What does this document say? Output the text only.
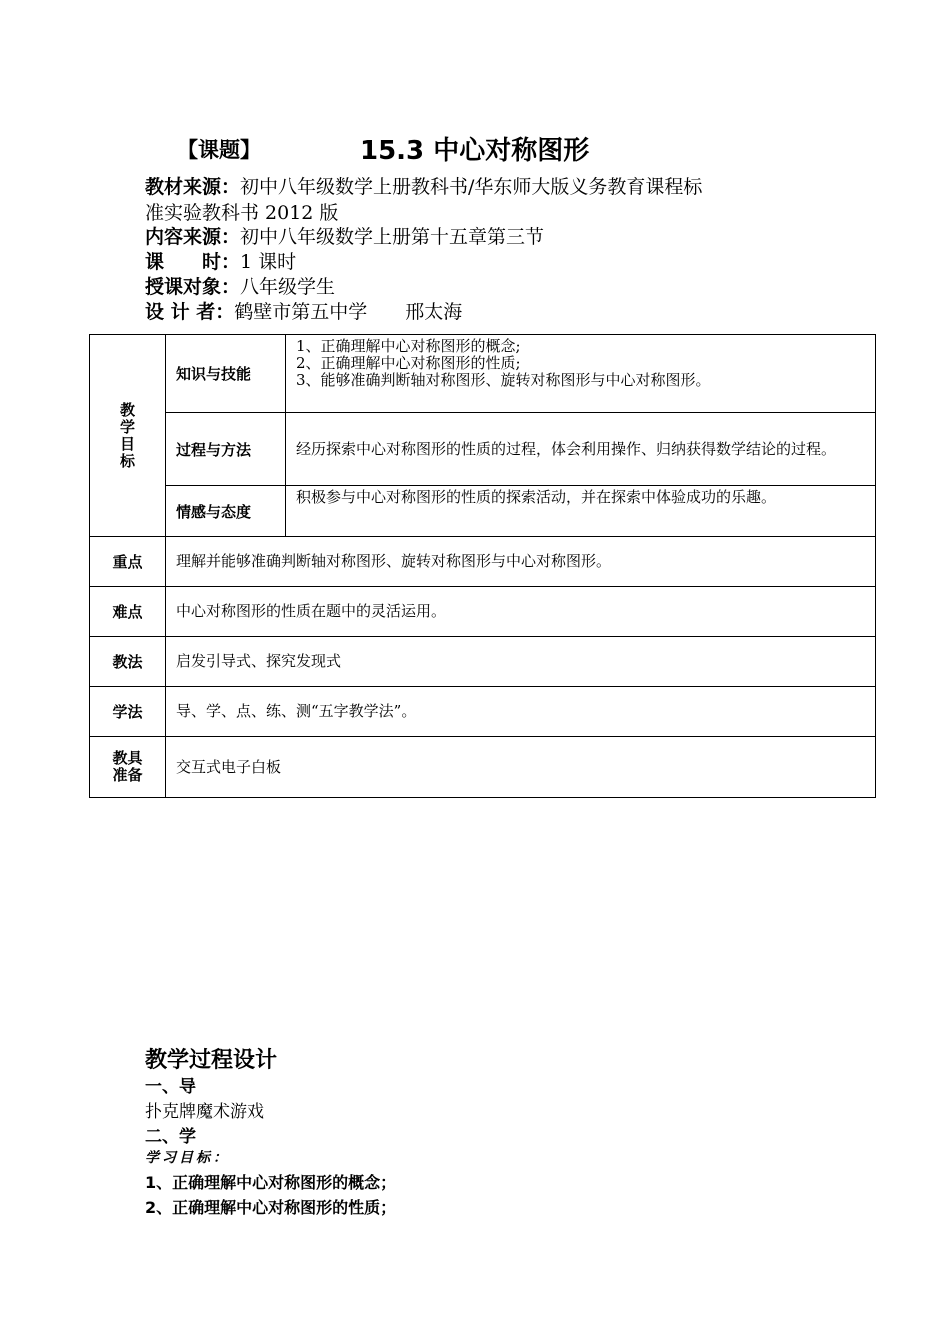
【课题】	15.3 中心对称图形
教材来源：初中八年级数学上册教科书/华东师大版义务教育课程标
准实验教科书 2012 版
内容来源：初中八年级数学上册第十五章第三节
课　　时：1 课时
授课对象：八年级学生
设 计 者：鹤壁市第五中学　　邢太海
教学目标	知识与技能	1、正确理解中心对称图形的概念;
2、正确理解中心对称图形的性质;
3、能够准确判断轴对称图形、旋转对称图形与中心对称图形。

	过程与方法	经历探索中心对称图形的性质的过程，体会利用操作、归纳获得数学结论的过程。
	情感与态度	积极参与中心对称图形的性质的探索活动，并在探索中体验成功的乐趣。
重点	理解并能够准确判断轴对称图形、旋转对称图形与中心对称图形。	
难点	中心对称图形的性质在题中的灵活运用。	
教法	启发引导式、探究发现式	
学法	导、学、点、练、测“五字教学法”。	

教具准备	交互式电子白板	
教学过程设计
一、导
扑克牌魔术游戏
二、学
学习目标：
1、正确理解中心对称图形的概念；
2、正确理解中心对称图形的性质；
